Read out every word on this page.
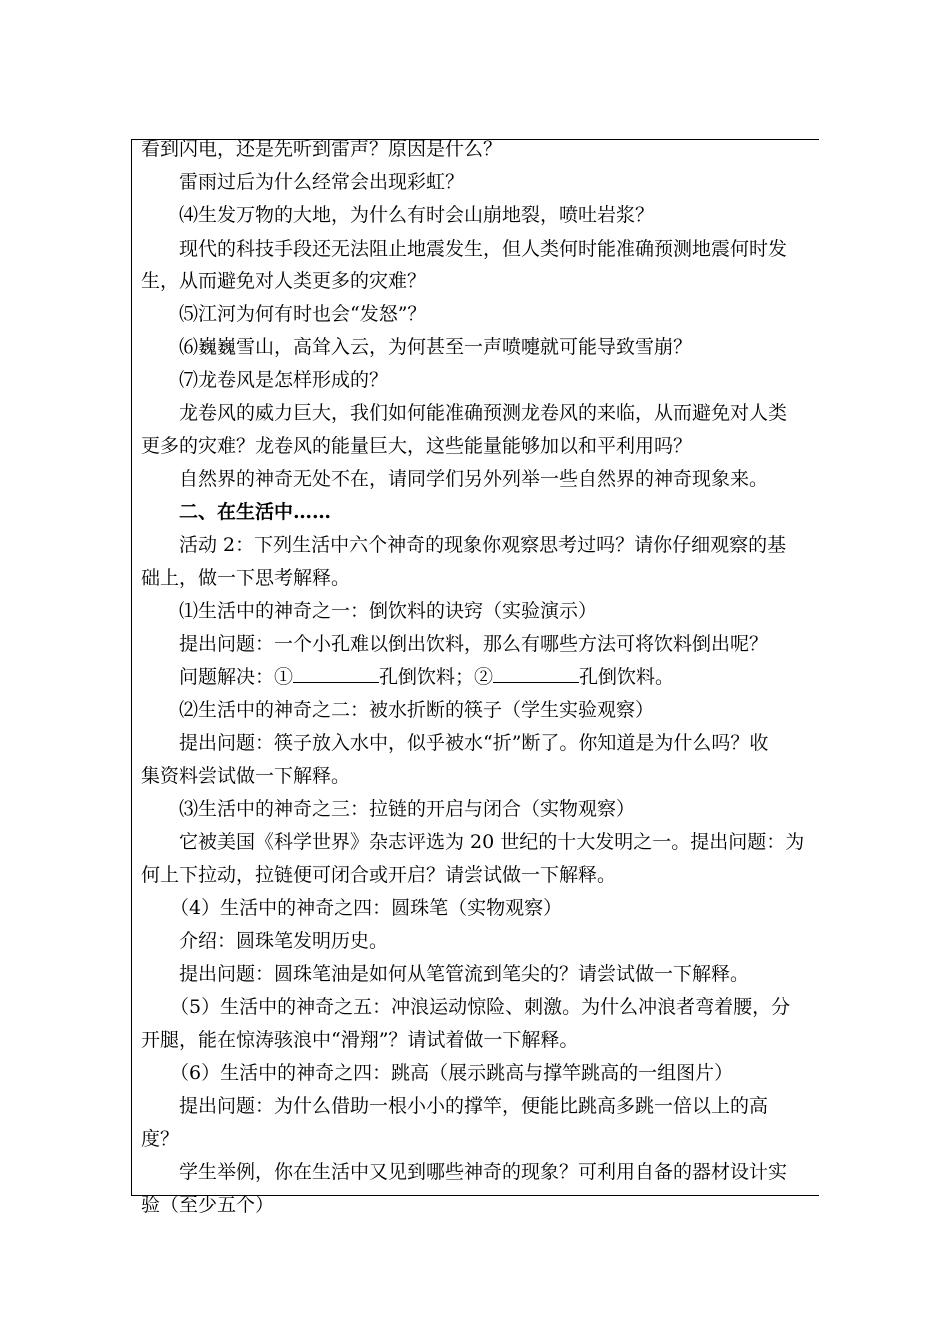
看到闪电，还是先听到雷声？原因是什么？
雷雨过后为什么经常会出现彩虹？
⑷生发万物的大地，为什么有时会山崩地裂，喷吐岩浆？
现代的科技手段还无法阻止地震发生，但人类何时能准确预测地震何时发
生，从而避免对人类更多的灾难？
⑸江河为何有时也会“发怒”？
⑹巍巍雪山，高耸入云，为何甚至一声喷嚏就可能导致雪崩？
⑺龙卷风是怎样形成的？
龙卷风的威力巨大，我们如何能准确预测龙卷风的来临，从而避免对人类
更多的灾难？龙卷风的能量巨大，这些能量能够加以和平利用吗？
自然界的神奇无处不在，请同学们另外列举一些自然界的神奇现象来。
二、在生活中……
活动 2：下列生活中六个神奇的现象你观察思考过吗？请你仔细观察的基
础上，做一下思考解释。
⑴生活中的神奇之一：倒饮料的诀窍（实验演示）
提出问题：一个小孔难以倒出饮料，那么有哪些方法可将饮料倒出呢？
问题解决：①	孔倒饮料；②	孔倒饮料。
⑵生活中的神奇之二：被水折断的筷子（学生实验观察）
提出问题：筷子放入水中，似乎被水“折”断了。你知道是为什么吗？收
集资料尝试做一下解释。
⑶生活中的神奇之三：拉链的开启与闭合（实物观察）
它被美国《科学世界》杂志评选为 20 世纪的十大发明之一。提出问题：为
何上下拉动，拉链便可闭合或开启？请尝试做一下解释。
（4）生活中的神奇之四：圆珠笔（实物观察）
介绍：圆珠笔发明历史。
提出问题：圆珠笔油是如何从笔管流到笔尖的？请尝试做一下解释。
（5）生活中的神奇之五：冲浪运动惊险、刺激。为什么冲浪者弯着腰，分
开腿，能在惊涛骇浪中“滑翔”？请试着做一下解释。
（6）生活中的神奇之四：跳高（展示跳高与撑竿跳高的一组图片）
提出问题：为什么借助一根小小的撑竿，便能比跳高多跳一倍以上的高
度？
学生举例，你在生活中又见到哪些神奇的现象？可利用自备的器材设计实
验（至少五个）
